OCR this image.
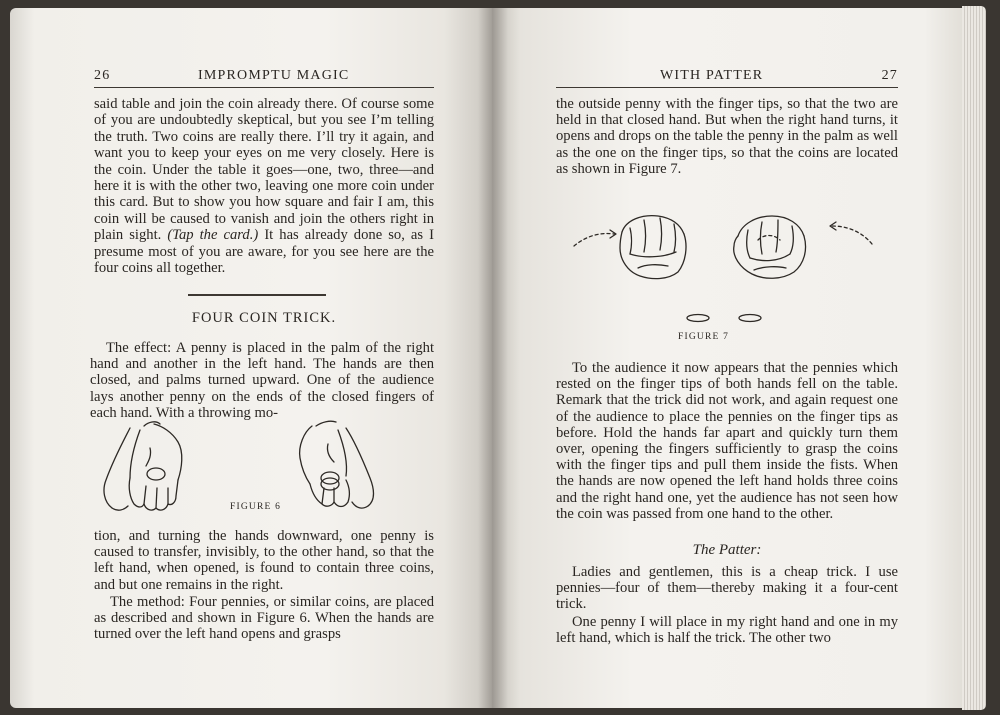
26	IMPROMPTU MAGIC

said table and join the coin already there. Of course some of you are undoubtedly skeptical, but you see I’m telling the truth. Two coins are really there. I’ll try it again, and want you to keep your eyes on me very closely. Here is the coin. Under the table it goes—one, two, three—and here it is with the other two, leaving one more coin under this card. But to show you how square and fair I am, this coin will be caused to vanish and join the others right in plain sight. (Tap the card.) It has already done so, as I presume most of you are aware, for you see here are the four coins all together.

FOUR COIN TRICK.

The effect: A penny is placed in the palm of the right hand and another in the left hand. The hands are then closed, and palms turned upward. One of the audience lays another penny on the ends of the closed fingers of each hand. With a throwing mo-

FIGURE 6

tion, and turning the hands downward, one penny is caused to transfer, invisibly, to the other hand, so that the left hand, when opened, is found to contain three coins, and but one remains in the right.

The method: Four pennies, or similar coins, are placed as described and shown in Figure 6. When the hands are turned over the left hand opens and grasps

WITH PATTER	27

the outside penny with the finger tips, so that the two are held in that closed hand. But when the right hand turns, it opens and drops on the table the penny in the palm as well as the one on the finger tips, so that the coins are located as shown in Figure 7.

FIGURE 7

To the audience it now appears that the pennies which rested on the finger tips of both hands fell on the table. Remark that the trick did not work, and again request one of the audience to place the pennies on the finger tips as before. Hold the hands far apart and quickly turn them over, opening the fingers sufficiently to grasp the coins with the finger tips and pull them inside the fists. When the hands are now opened the left hand holds three coins and the right hand one, yet the audience has not seen how the coin was passed from one hand to the other.

The Patter:

Ladies and gentlemen, this is a cheap trick. I use pennies—four of them—thereby making it a four-cent trick.

One penny I will place in my right hand and one in my left hand, which is half the trick. The other two
